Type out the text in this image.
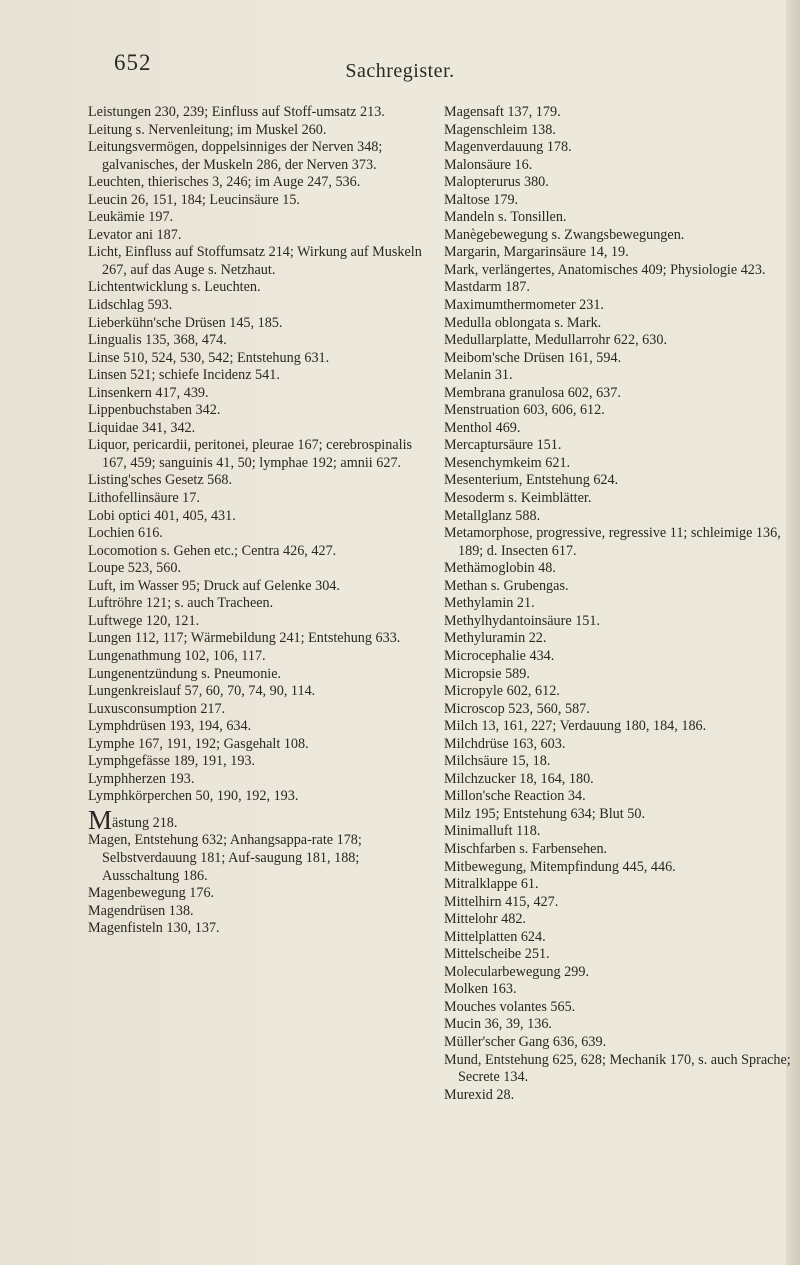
652	Sachregister.

Leistungen 230, 239; Einfluss auf Stoff-umsatz 213.

Leitung s. Nervenleitung; im Muskel 260.

Leitungsvermögen, doppelsinniges der Nerven 348; galvanisches, der Muskeln 286, der Nerven 373.

Leuchten, thierisches 3, 246; im Auge 247, 536.

Leucin 26, 151, 184; Leucinsäure 15.

Leukämie 197.

Levator ani 187.

Licht, Einfluss auf Stoffumsatz 214; Wirkung auf Muskeln 267, auf das Auge s. Netzhaut.

Lichtentwicklung s. Leuchten.

Lidschlag 593.

Lieberkühn'sche Drüsen 145, 185.

Lingualis 135, 368, 474.

Linse 510, 524, 530, 542; Entstehung 631.

Linsen 521; schiefe Incidenz 541.

Linsenkern 417, 439.

Lippenbuchstaben 342.

Liquidae 341, 342.

Liquor, pericardii, peritonei, pleurae 167; cerebrospinalis 167, 459; sanguinis 41, 50; lymphae 192; amnii 627.

Listing'sches Gesetz 568.

Lithofellinsäure 17.

Lobi optici 401, 405, 431.

Lochien 616.

Locomotion s. Gehen etc.; Centra 426, 427.

Loupe 523, 560.

Luft, im Wasser 95; Druck auf Gelenke 304.

Luftröhre 121; s. auch Tracheen.

Luftwege 120, 121.

Lungen 112, 117; Wärmebildung 241; Entstehung 633.

Lungenathmung 102, 106, 117.

Lungenentzündung s. Pneumonie.

Lungenkreislauf 57, 60, 70, 74, 90, 114.

Luxusconsumption 217.

Lymphdrüsen 193, 194, 634.

Lymphe 167, 191, 192; Gasgehalt 108.

Lymphgefässe 189, 191, 193.

Lymphherzen 193.

Lymphkörperchen 50, 190, 192, 193.

Mästung 218.

Magen, Entstehung 632; Anhangsappa-rate 178; Selbstverdauung 181; Auf-saugung 181, 188; Ausschaltung 186.

Magenbewegung 176.

Magendrüsen 138.

Magenfisteln 130, 137.

Magensaft 137, 179.

Magenschleim 138.

Magenverdauung 178.

Malonsäure 16.

Malopterurus 380.

Maltose 179.

Mandeln s. Tonsillen.

Manègebewegung s. Zwangsbewegungen.

Margarin, Margarinsäure 14, 19.

Mark, verlängertes, Anatomisches 409; Physiologie 423.

Mastdarm 187.

Maximumthermometer 231.

Medulla oblongata s. Mark.

Medullarplatte, Medullarrohr 622, 630.

Meibom'sche Drüsen 161, 594.

Melanin 31.

Membrana granulosa 602, 637.

Menstruation 603, 606, 612.

Menthol 469.

Mercaptursäure 151.

Mesenchymkeim 621.

Mesenterium, Entstehung 624.

Mesoderm s. Keimblätter.

Metallglanz 588.

Metamorphose, progressive, regressive 11; schleimige 136, 189; d. Insecten 617.

Methämoglobin 48.

Methan s. Grubengas.

Methylamin 21.

Methylhydantoinsäure 151.

Methyluramin 22.

Microcephalie 434.

Micropsie 589.

Micropyle 602, 612.

Microscop 523, 560, 587.

Milch 13, 161, 227; Verdauung 180, 184, 186.

Milchdrüse 163, 603.

Milchsäure 15, 18.

Milchzucker 18, 164, 180.

Millon'sche Reaction 34.

Milz 195; Entstehung 634; Blut 50.

Minimalluft 118.

Mischfarben s. Farbensehen.

Mitbewegung, Mitempfindung 445, 446.

Mitralklappe 61.

Mittelhirn 415, 427.

Mittelohr 482.

Mittelplatten 624.

Mittelscheibe 251.

Molecularbewegung 299.

Molken 163.

Mouches volantes 565.

Mucin 36, 39, 136.

Müller'scher Gang 636, 639.

Mund, Entstehung 625, 628; Mechanik 170, s. auch Sprache; Secrete 134.

Murexid 28.
